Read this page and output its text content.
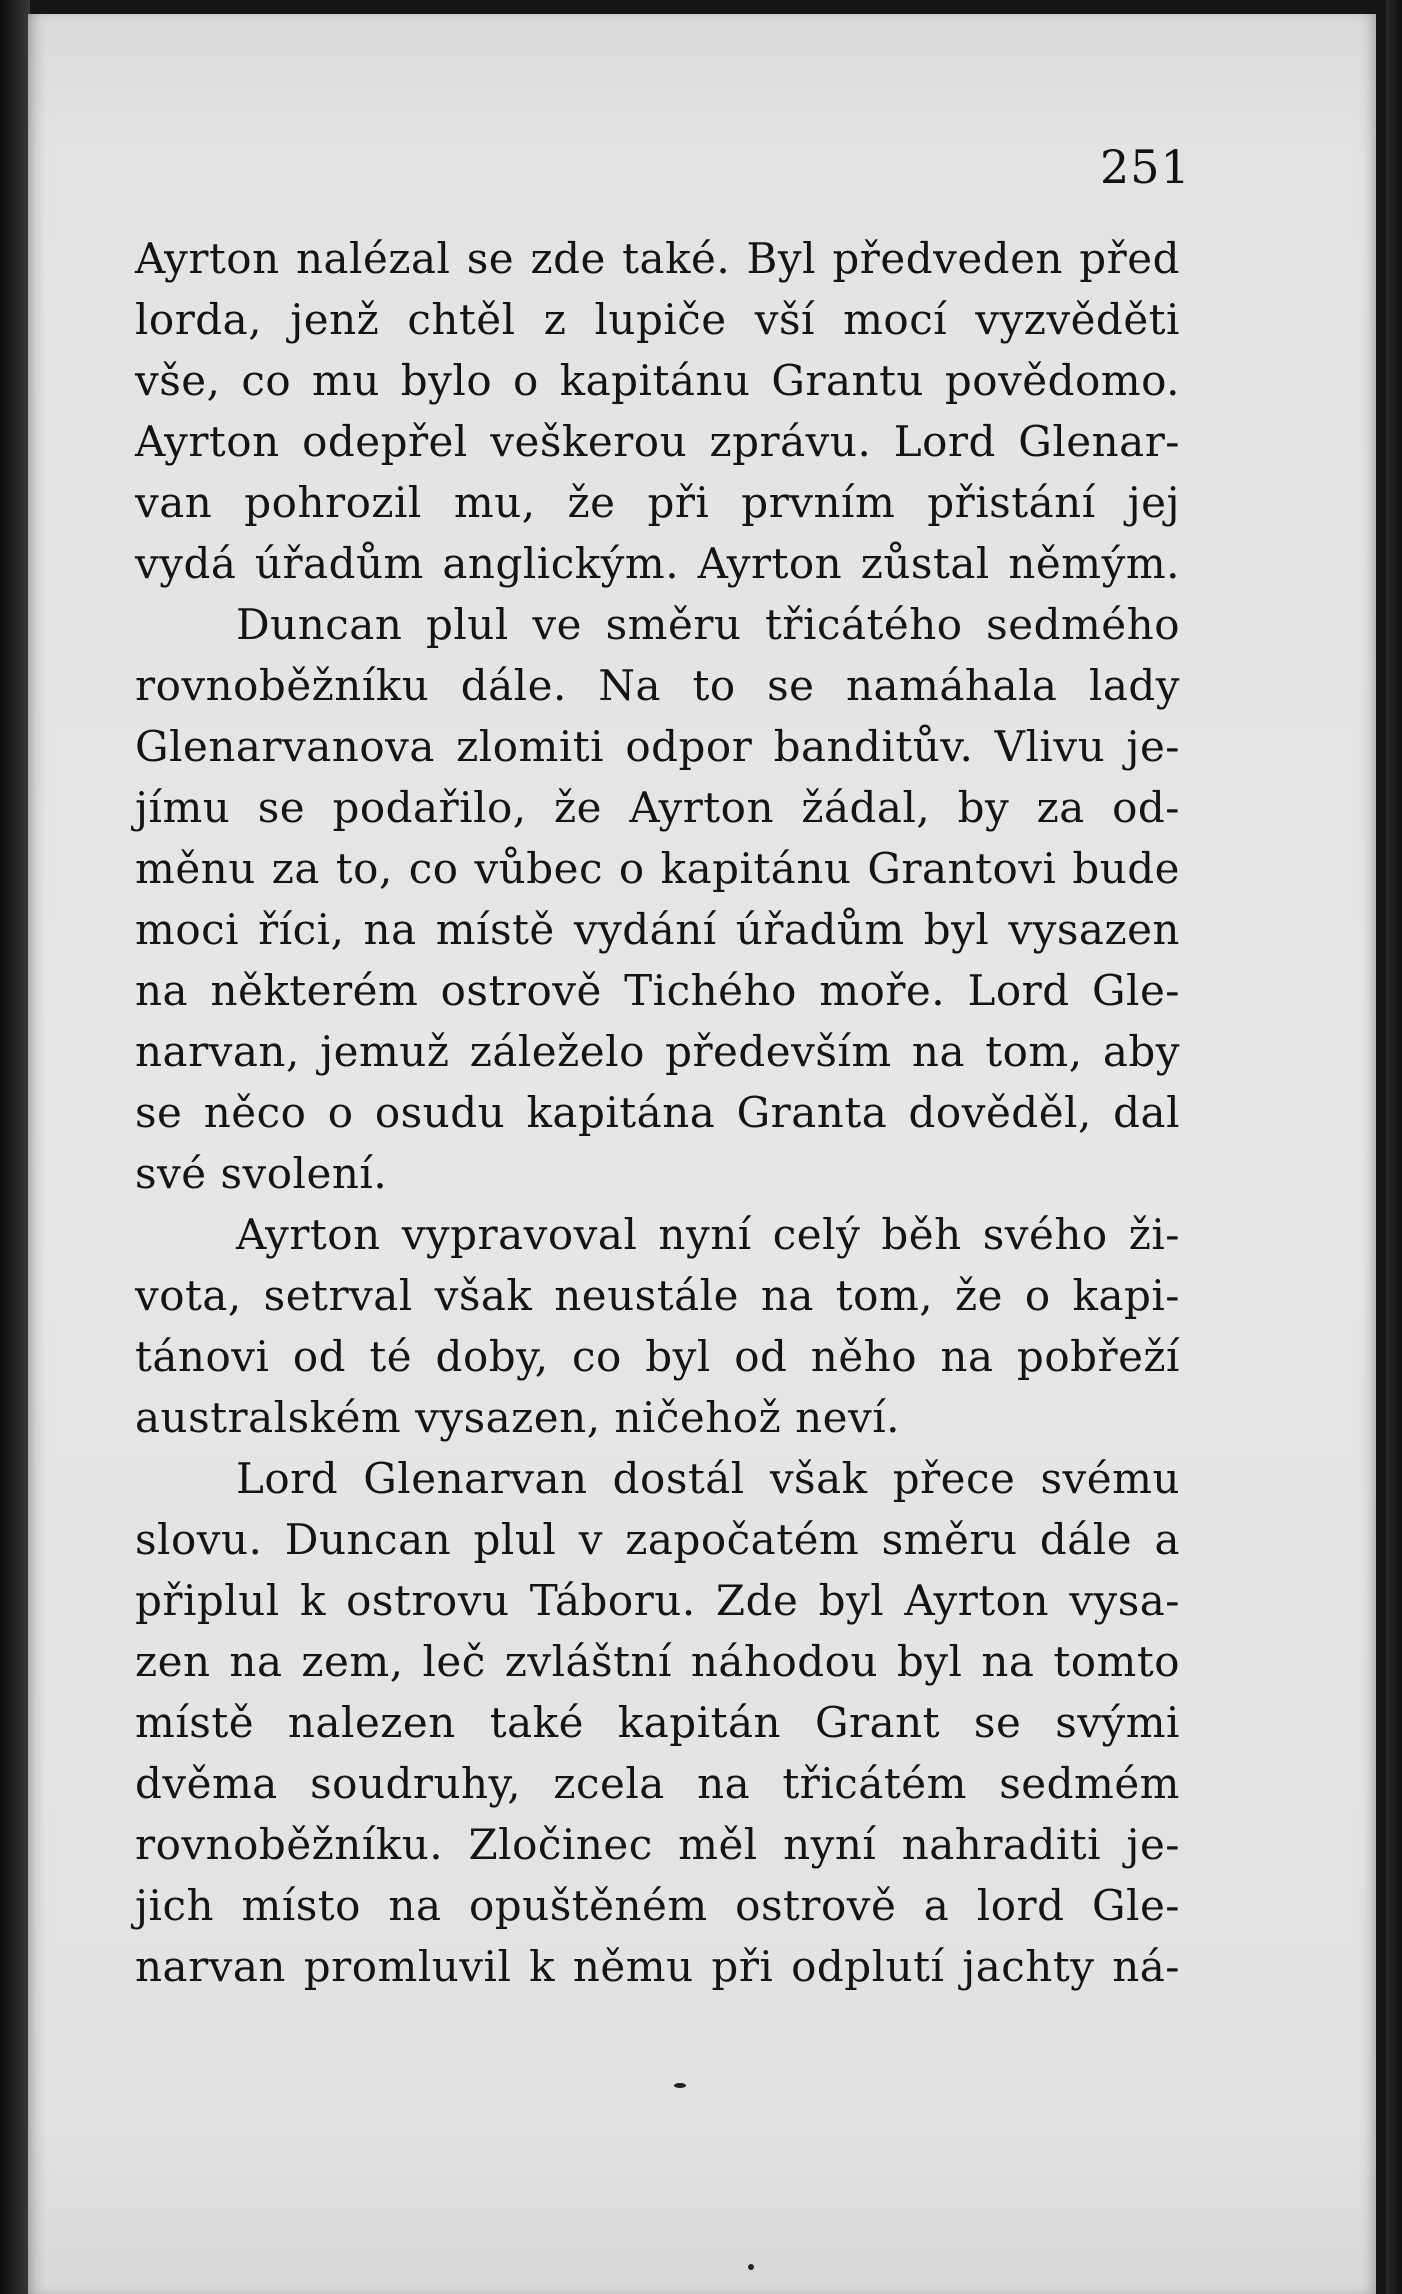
251
Ayrton nalézal se zde také. Byl předveden před
lorda, jenž chtěl z lupiče vší mocí vyzvěděti
vše, co mu bylo o kapitánu Grantu povědomo.
Ayrton odepřel veškerou zprávu. Lord Glenar-
van pohrozil mu, že při prvním přistání jej
vydá úřadům anglickým. Ayrton zůstal němým.
Duncan plul ve směru třicátého sedmého
rovnoběžníku dále. Na to se namáhala lady
Glenarvanova zlomiti odpor banditův. Vlivu je-
jímu se podařilo, že Ayrton žádal, by za od-
měnu za to, co vůbec o kapitánu Grantovi bude
moci říci, na místě vydání úřadům byl vysazen
na některém ostrově Tichého moře. Lord Gle-
narvan, jemuž záleželo především na tom, aby
se něco o osudu kapitána Granta dověděl, dal
své svolení.
Ayrton vypravoval nyní celý běh svého ži-
vota, setrval však neustále na tom, že o kapi-
tánovi od té doby, co byl od něho na pobřeží
australském vysazen, ničehož neví.
Lord Glenarvan dostál však přece svému
slovu. Duncan plul v započatém směru dále a
připlul k ostrovu Táboru. Zde byl Ayrton vysa-
zen na zem, leč zvláštní náhodou byl na tomto
místě nalezen také kapitán Grant se svými
dvěma soudruhy, zcela na třicátém sedmém
rovnoběžníku. Zločinec měl nyní nahraditi je-
jich místo na opuštěném ostrově a lord Gle-
narvan promluvil k němu při odplutí jachty ná-
